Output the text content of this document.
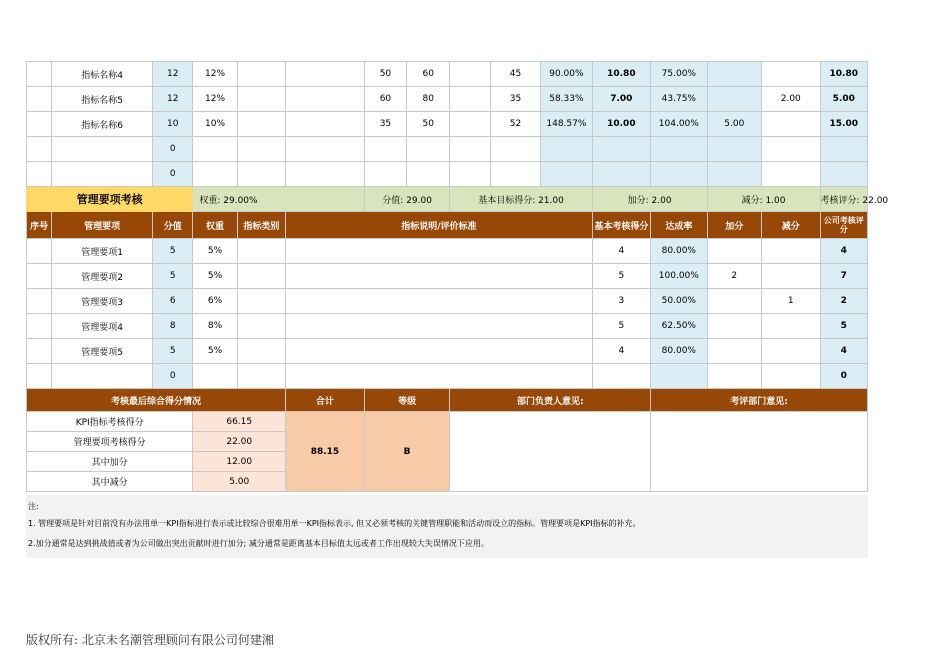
	指标名称4	12	12%			50	60		45	90.00%	10.80	75.00%			10.80
	指标名称5	12	12%			60	80		35	58.33%	7.00	43.75%		2.00	5.00
	指标名称6	10	10%			35	50		52	148.57%	10.00	104.00%	5.00		15.00
		0													
		0													
管理要项考核			权重: 29.00%			分值: 29.00		基本目标得分: 21.00			加分: 2.00		减分: 1.00		考核评分: 22.00
序号	管理要项	分值	权重	指标类别	指标说明/评价标准						基本考核得分	达成率	加分	减分	公司考核评分
	管理要项1	5	5%								4	80.00%			4
	管理要项2	5	5%								5	100.00%	2		7
	管理要项3	6	6%								3	50.00%		1	2
	管理要项4	8	8%								5	62.50%			5
	管理要项5	5	5%								4	80.00%			4
		0													0
考核最后综合得分情况					合计	等级		部门负责人意见:				考评部门意见:			
KPI指标考核得分			66.15		88.15	B									
管理要项考核得分			22.00												
其中加分			12.00												
其中减分			5.00												
注:
1. 管理要项是针对目前没有办法用单一KPI指标进行表示或比较综合很难用单一KPI指标表示, 但又必须考核的关键管理职能和活动而设立的指标。管理要项是KPI指标的补充。
2.加分通常是达到挑战值或者为公司做出突出贡献时进行加分; 减分通常是距离基本目标值太远或者工作出现较大失误情况下应用。
版权所有: 北京未名潮管理顾问有限公司何建湘
